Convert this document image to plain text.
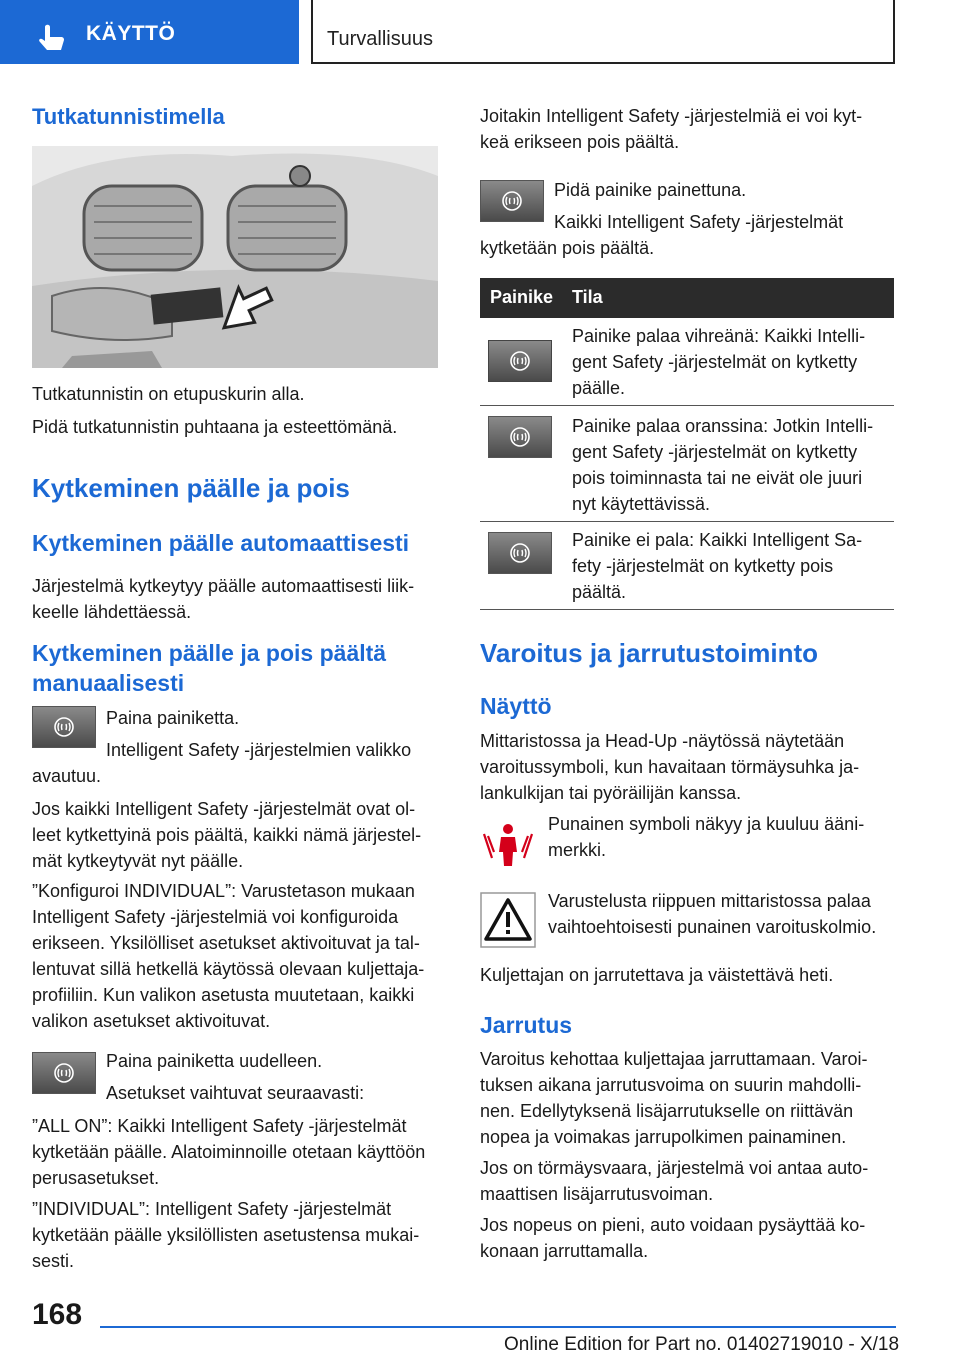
KÄYTTÖ	Turvallisuus
Tutkatunnistimella
Tutkatunnistin on etupuskurin alla.
Pidä tutkatunnistin puhtaana ja esteettömänä.
Kytkeminen päälle ja pois
Kytkeminen päälle automaattisesti
Järjestelmä kytkeytyy päälle automaattisesti liik-
keelle lähdettäessä.
Kytkeminen päälle ja pois päältä
manuaalisesti
Paina painiketta.
Intelligent Safety -järjestelmien valikko
avautuu.
Jos kaikki Intelligent Safety -järjestelmät ovat ol-
leet kytkettyinä pois päältä, kaikki nämä järjestel-
mät kytkeytyvät nyt päälle.
”Konfiguroi INDIVIDUAL”: Varustetason mukaan
Intelligent Safety -järjestelmiä voi konfiguroida
erikseen. Yksilölliset asetukset aktivoituvat ja tal-
lentuvat sillä hetkellä käytössä olevaan kuljettaja-
profiiliin. Kun valikon asetusta muutetaan, kaikki
valikon asetukset aktivoituvat.
Paina painiketta uudelleen.
Asetukset vaihtuvat seuraavasti:
”ALL ON”: Kaikki Intelligent Safety -järjestelmät
kytketään päälle. Alatoiminnoille otetaan käyttöön
perusasetukset.
”INDIVIDUAL”: Intelligent Safety -järjestelmät
kytketään päälle yksilöllisten asetustensa mukai-
sesti.
Joitakin Intelligent Safety -järjestelmiä ei voi kyt-
keä erikseen pois päältä.
Pidä painike painettuna.
Kaikki Intelligent Safety -järjestelmät
kytketään pois päältä.
Painike Tila
Painike palaa vihreänä: Kaikki Intelli-
gent Safety -järjestelmät on kytketty
päälle.
Painike palaa oranssina: Jotkin Intelli-
gent Safety -järjestelmät on kytketty
pois toiminnasta tai ne eivät ole juuri
nyt käytettävissä.
Painike ei pala: Kaikki Intelligent Sa-
fety -järjestelmät on kytketty pois
päältä.
Varoitus ja jarrutustoiminto
Näyttö
Mittaristossa ja Head-Up -näytössä näytetään
varoitussymboli, kun havaitaan törmäysuhka ja-
lankulkijan tai pyöräilijän kanssa.
Punainen symboli näkyy ja kuuluu ääni-
merkki.
Varustelusta riippuen mittaristossa palaa
vaihtoehtoisesti punainen varoituskolmio.
Kuljettajan on jarrutettava ja väistettävä heti.
Jarrutus
Varoitus kehottaa kuljettajaa jarruttamaan. Varoi-
tuksen aikana jarrutusvoima on suurin mahdolli-
nen. Edellytyksenä lisäjarrutukselle on riittävän
nopea ja voimakas jarrupolkimen painaminen.
Jos on törmäysvaara, järjestelmä voi antaa auto-
maattisen lisäjarrutusvoiman.
Jos nopeus on pieni, auto voidaan pysäyttää ko-
konaan jarruttamalla.
168
Online Edition for Part no. 01402719010 - X/18
